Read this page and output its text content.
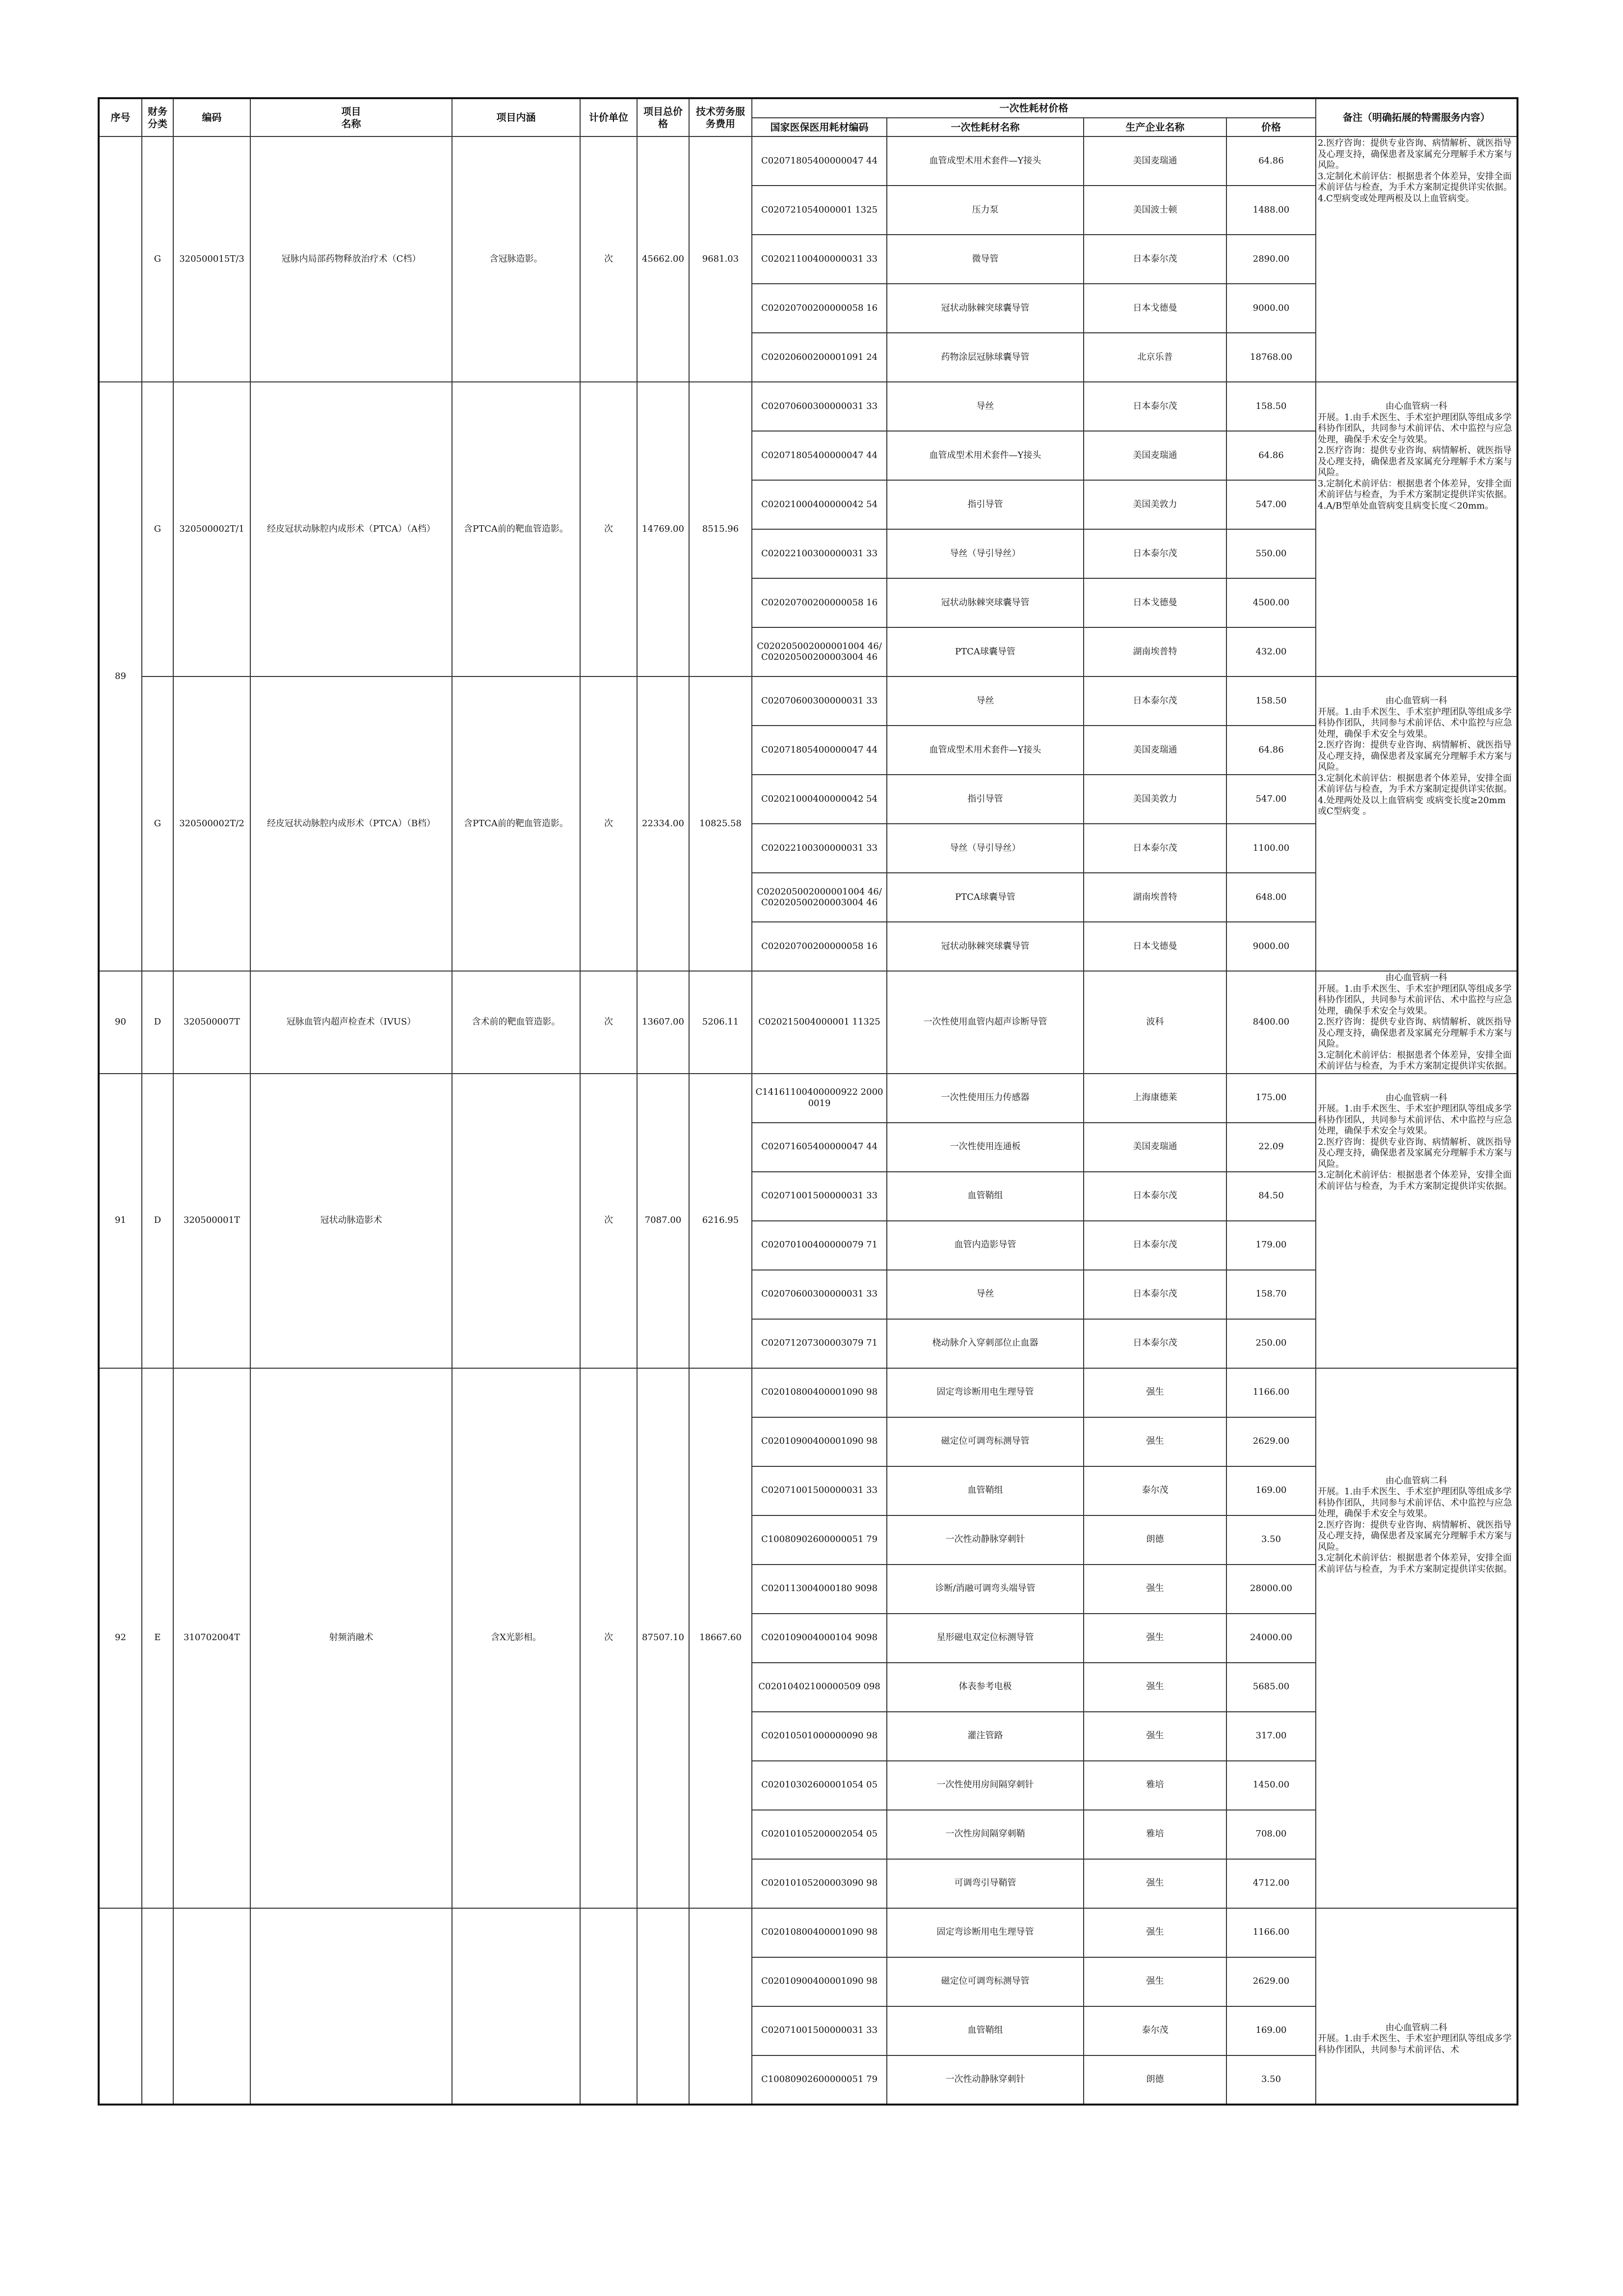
序号	财务分类	编码	项目
名称	项目内涵	计价单位	项目总价格	技术劳务服务费用	一次性耗材价格				备注（明确拓展的特需服务内容）
								国家医保医用耗材编码	一次性耗材名称	生产企业名称	价格	
	G	320500015T/3	冠脉内局部药物释放治疗术（C档）	含冠脉造影。	次	45662.00	9681.03	C02071805400000047 44	血管成型术用术套件—Y接头	美国麦瑞通	64.86	2.医疗咨询：提供专业咨询、病情解析、就医指导及心理支持，确保患者及家属充分理解手术方案与风险。
3.定制化术前评估：根据患者个体差异，安排全面术前评估与检查，为手术方案制定提供详实依据。
4.C型病变或处理两根及以上血管病变。

								C020721054000001 1325	压力泵	美国波士顿	1488.00	
								C02021100400000031 33	微导管	日本泰尔茂	2890.00	
								C02020700200000058 16	冠状动脉棘突球囊导管	日本戈德曼	9000.00	
								C02020600200001091 24	药物涂层冠脉球囊导管	北京乐普	18768.00	
89	G	320500002T/1	经皮冠状动脉腔内成形术（PTCA）（A档）	含PTCA前的靶血管造影。	次	14769.00	8515.96	C02070600300000031 33	导丝	日本泰尔茂	158.50	由心血管病一科
开展。1.由手术医生、手术室护理团队等组成多学科协作团队，共同参与术前评估、术中监控与应急处理，确保手术安全与效果。
2.医疗咨询：提供专业咨询、病情解析、就医指导及心理支持，确保患者及家属充分理解手术方案与风险。
3.定制化术前评估：根据患者个体差异，安排全面术前评估与检查，为手术方案制定提供详实依据。
4.A/B型单处血管病变且病变长度＜20mm。

								C02071805400000047 44	血管成型术用术套件—Y接头	美国麦瑞通	64.86	
								C02021000400000042 54	指引导管	美国美敦力	547.00	
								C02022100300000031 33	导丝（导引导丝）	日本泰尔茂	550.00	
								C02020700200000058 16	冠状动脉棘突球囊导管	日本戈德曼	4500.00	
								C020205002000001004 46/C02020500200003004 46	PTCA球囊导管	湖南埃普特	432.00	
	G	320500002T/2	经皮冠状动脉腔内成形术（PTCA）（B档）	含PTCA前的靶血管造影。	次	22334.00	10825.58	C02070600300000031 33	导丝	日本泰尔茂	158.50	由心血管病一科
开展。1.由手术医生、手术室护理团队等组成多学科协作团队，共同参与术前评估、术中监控与应急处理，确保手术安全与效果。
2.医疗咨询：提供专业咨询、病情解析、就医指导及心理支持，确保患者及家属充分理解手术方案与风险。
3.定制化术前评估：根据患者个体差异，安排全面术前评估与检查，为手术方案制定提供详实依据。
4.处理两处及以上血管病变 或病变长度≥20mm 或C型病变 。

								C02071805400000047 44	血管成型术用术套件—Y接头	美国麦瑞通	64.86	
								C02021000400000042 54	指引导管	美国美敦力	547.00	
								C02022100300000031 33	导丝（导引导丝）	日本泰尔茂	1100.00	
								C020205002000001004 46/C02020500200003004 46	PTCA球囊导管	湖南埃普特	648.00	
								C02020700200000058 16	冠状动脉棘突球囊导管	日本戈德曼	9000.00	
90	D	320500007T	冠脉血管内超声检查术（IVUS）	含术前的靶血管造影。	次	13607.00	5206.11	C020215004000001 11325	一次性使用血管内超声诊断导管	波科	8400.00	由心血管病一科
开展。1.由手术医生、手术室护理团队等组成多学科协作团队，共同参与术前评估、术中监控与应急处理，确保手术安全与效果。
2.医疗咨询：提供专业咨询、病情解析、就医指导及心理支持，确保患者及家属充分理解手术方案与风险。
3.定制化术前评估：根据患者个体差异，安排全面术前评估与检查，为手术方案制定提供详实依据。

91	D	320500001T	冠状动脉造影术		次	7087.00	6216.95	C14161100400000922 20000019	一次性使用压力传感器	上海康德莱	175.00	由心血管病一科
开展。1.由手术医生、手术室护理团队等组成多学科协作团队，共同参与术前评估、术中监控与应急处理，确保手术安全与效果。
2.医疗咨询：提供专业咨询、病情解析、就医指导及心理支持，确保患者及家属充分理解手术方案与风险。
3.定制化术前评估：根据患者个体差异，安排全面术前评估与检查，为手术方案制定提供详实依据。

								C02071605400000047 44	一次性使用连通板	美国麦瑞通	22.09	
								C02071001500000031 33	血管鞘组	日本泰尔茂	84.50	
								C02070100400000079 71	血管内造影导管	日本泰尔茂	179.00	
								C02070600300000031 33	导丝	日本泰尔茂	158.70	
								C02071207300003079 71	桡动脉介入穿刺部位止血器	日本泰尔茂	250.00	
92	E	310702004T	射频消融术	含X光影相。	次	87507.10	18667.60	C02010800400001090 98	固定弯诊断用电生理导管	强生	1166.00	由心血管病二科
开展。1.由手术医生、手术室护理团队等组成多学科协作团队，共同参与术前评估、术中监控与应急处理，确保手术安全与效果。
2.医疗咨询：提供专业咨询、病情解析、就医指导及心理支持，确保患者及家属充分理解手术方案与风险。
3.定制化术前评估：根据患者个体差异，安排全面术前评估与检查，为手术方案制定提供详实依据。

								C02010900400001090 98	磁定位可调弯标测导管	强生	2629.00	
								C02071001500000031 33	血管鞘组	泰尔茂	169.00	
								C10080902600000051 79	一次性动静脉穿刺针	朗德	3.50	
								C020113004000180 9098	诊断/消融可调弯头端导管	强生	28000.00	
								C020109004000104 9098	星形磁电双定位标测导管	强生	24000.00	
								C02010402100000509 098	体表参考电极	强生	5685.00	
								C02010501000000090 98	灌注管路	强生	317.00	
								C02010302600001054 05	一次性使用房间隔穿刺针	雅培	1450.00	
								C02010105200002054 05	一次性房间隔穿刺鞘	雅培	708.00	
								C02010105200003090 98	可调弯引导鞘管	强生	4712.00	
								C02010800400001090 98	固定弯诊断用电生理导管	强生	1166.00	由心血管病二科
开展。1.由手术医生、手术室护理团队等组成多学科协作团队，共同参与术前评估、术

								C02010900400001090 98	磁定位可调弯标测导管	强生	2629.00	
								C02071001500000031 33	血管鞘组	泰尔茂	169.00	
								C10080902600000051 79	一次性动静脉穿刺针	朗德	3.50	
